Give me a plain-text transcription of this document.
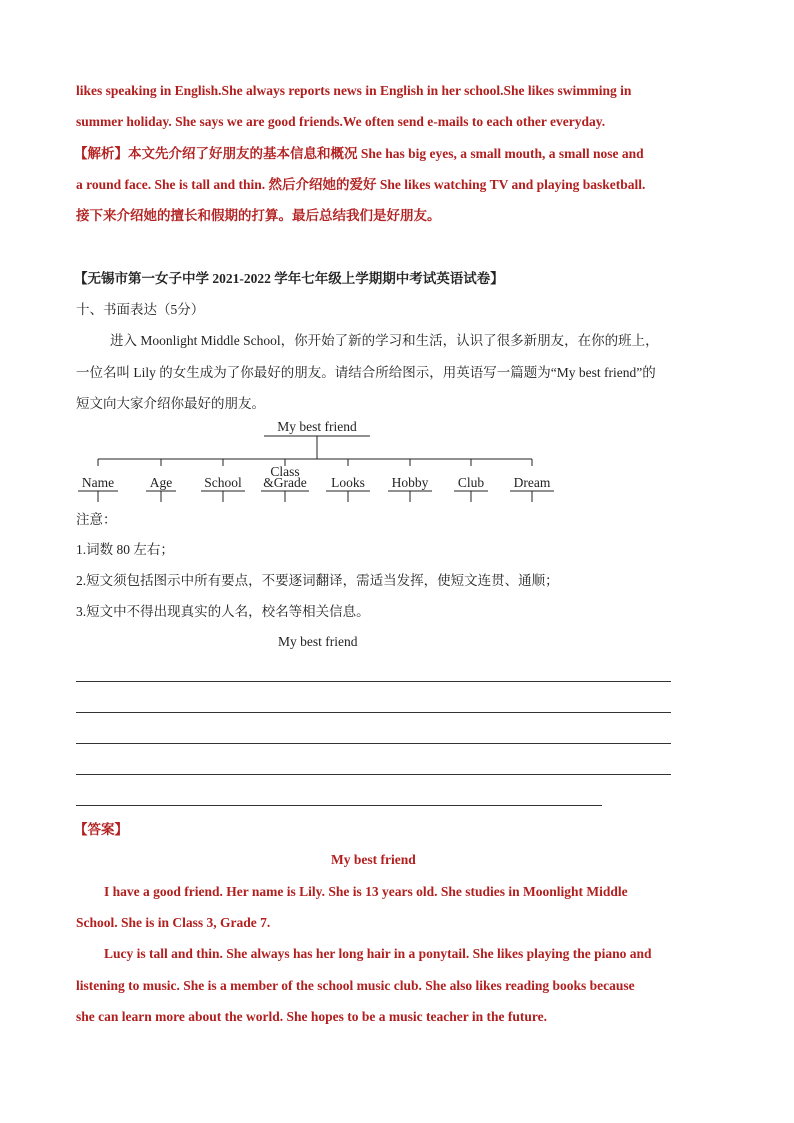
likes speaking in English.She always reports news in English in her school.She likes swimming in
summer holiday. She says we are good friends.We often send e-mails to each other everyday.
【解析】本文先介绍了好朋友的基本信息和概况 She has big eyes, a small mouth, a small nose and
a round face. She is tall and thin. 然后介绍她的爱好 She likes watching TV and playing basketball.
接下来介绍她的擅长和假期的打算。最后总结我们是好朋友。
【无锡市第一女子中学 2021-2022 学年七年级上学期期中考试英语试卷】
十、书面表达（5分）
进入 Moonlight Middle School，你开始了新的学习和生活，认识了很多新朋友，在你的班上，
一位名叫 Lily 的女生成为了你最好的朋友。请结合所给图示，用英语写一篇题为“My best friend”的
短文向大家介绍你最好的朋友。
My best friend
Class
Name	Age School &Grade Looks Hobby Club Dream
注意：
1.词数 80 左右；
2.短文须包括图示中所有要点，不要逐词翻译，需适当发挥，使短文连贯、通顺；
3.短文中不得出现真实的人名，校名等相关信息。
My best friend
【答案】
My best friend
I have a good friend. Her name is Lily. She is 13 years old. She studies in Moonlight Middle
School. She is in Class 3, Grade 7.
Lucy is tall and thin. She always has her long hair in a ponytail. She likes playing the piano and
listening to music. She is a member of the school music club. She also likes reading books because
she can learn more about the world. She hopes to be a music teacher in the future.
